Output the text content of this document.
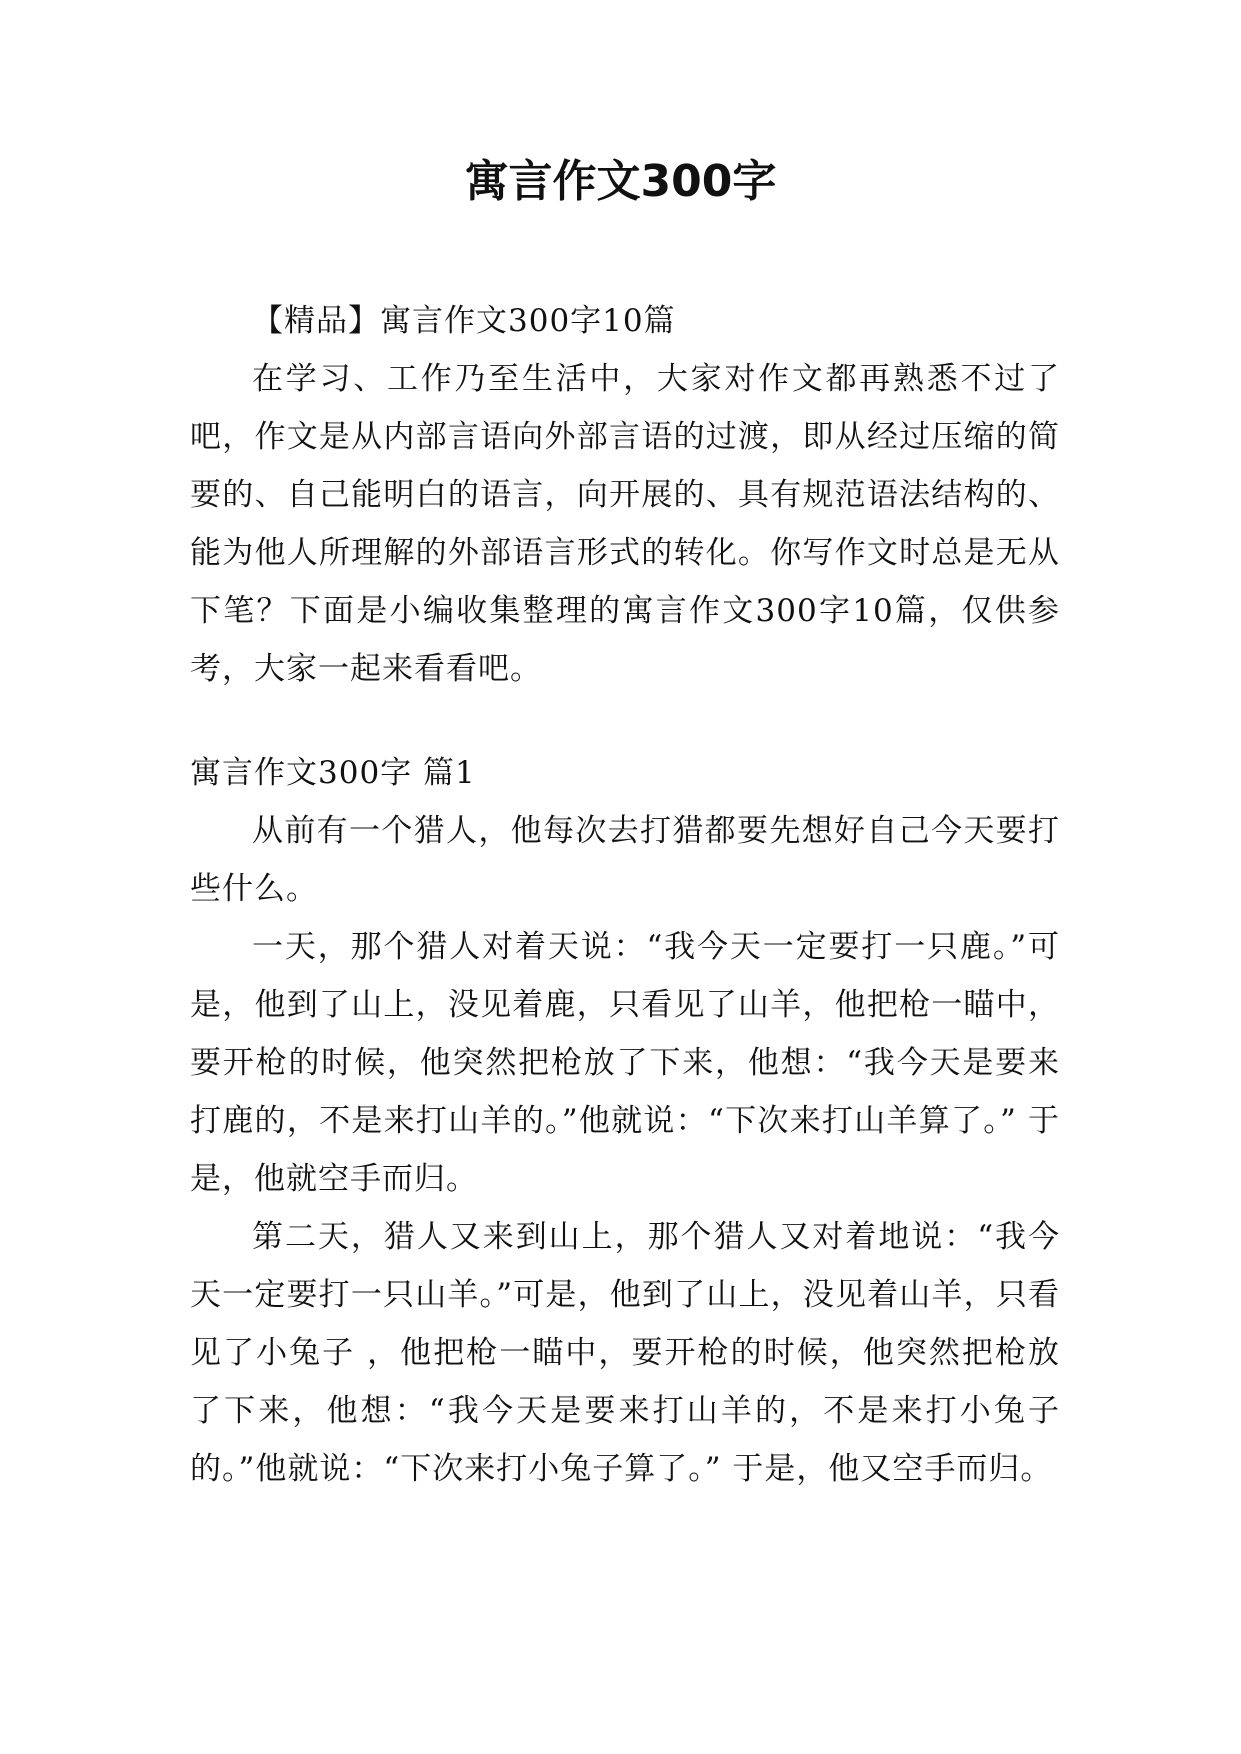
寓言作文300字

【精品】寓言作文300字10篇

在学习、工作乃至生活中，大家对作文都再熟悉不过了吧，作文是从内部言语向外部言语的过渡，即从经过压缩的简要的、自己能明白的语言，向开展的、具有规范语法结构的、能为他人所理解的外部语言形式的转化。你写作文时总是无从下笔？下面是小编收集整理的寓言作文300字10篇，仅供参考，大家一起来看看吧。

寓言作文300字 篇1

从前有一个猎人，他每次去打猎都要先想好自己今天要打些什么。

一天，那个猎人对着天说：“我今天一定要打一只鹿。”可是，他到了山上，没见着鹿，只看见了山羊，他把枪一瞄中，要开枪的时候，他突然把枪放了下来，他想：“我今天是要来打鹿的，不是来打山羊的。”他就说：“下次来打山羊算了。” 于是，他就空手而归。

第二天，猎人又来到山上，那个猎人又对着地说：“我今天一定要打一只山羊。”可是，他到了山上，没见着山羊，只看见了小兔子 ，他把枪一瞄中，要开枪的时候，他突然把枪放了下来，他想：“我今天是要来打山羊的，不是来打小兔子的。”他就说：“下次来打小兔子算了。” 于是，他又空手而归。
